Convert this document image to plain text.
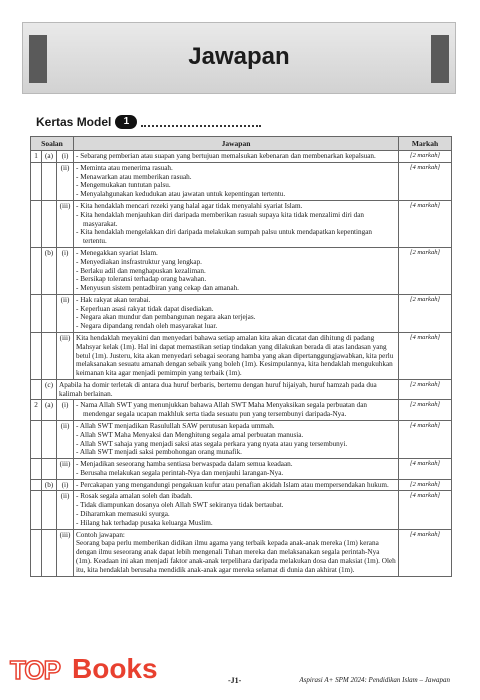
Jawapan
Kertas Model	1
Soalan			Jawapan	Markah
1	(a)	(i)	- Sebarang pemberian atau suapan yang bertujuan memalsukan kebenaran dan membenarkan kepalsuan.	[2 markah]
		(ii)	- Meminta atau menerima rasuah.
- Menawarkan atau memberikan rasuah.
- Mengemukakan tuntutan palsu.
- Menyalahgunakan kedudukan atau jawatan untuk kepentingan tertentu.	[4 markah]
		(iii)	- Kita hendaklah mencari rezeki yang halal agar tidak menyalahi syariat Islam.
- Kita hendaklah menjauhkan diri daripada memberikan rasuah supaya kita tidak menzalimi diri dan masyarakat.
- Kita hendaklah mengelakkan diri daripada melakukan sumpah palsu untuk mendapatkan kepentingan tertentu.	[4 markah]
	(b)	(i)	- Menegakkan syariat Islam.
- Menyediakan insfrastruktur yang lengkap.
- Berlaku adil dan menghapuskan kezaliman.
- Bersikap toleransi terhadap orang bawahan.
- Menyusun sistem pentadbiran yang cekap dan amanah.	[2 markah]
		(ii)	- Hak rakyat akan terabai.
- Keperluan asasi rakyat tidak dapat disediakan.
- Negara akan mundur dan pembangunan negara akan terjejas.
- Negara dipandang rendah oleh masyarakat luar.	[2 markah]
		(iii)	Kita hendaklah meyakini dan menyedari bahawa setiap amalan kita akan dicatat dan dihitung di padang Mahsyar kelak (1m). Hal ini dapat memastikan setiap tindakan yang dilakukan berada di atas landasan yang betul (1m). Justeru, kita akan menyedari sebagai seorang hamba yang akan dipertanggungjawabkan, kita perlu melaksanakan sesuatu amanah dengan sebaik yang boleh (1m). Kesimpulannya, kita hendaklah mengukuhkan keimanan kita agar menjadi pemimpin yang terbaik (1m).	[4 markah]
	(c)	Apabila ha domir terletak di antara dua huruf berbaris, bertemu dengan huruf hijaiyah, huruf hamzah pada dua kalimah berlainan.		[2 markah]
2	(a)	(i)	- Nama Allah SWT yang menunjukkan bahawa Allah SWT Maha Menyaksikan segala perbuatan dan mendengar segala ucapan makhluk serta tiada sesuatu pun yang tersembunyi daripada-Nya.	[2 markah]
		(ii)	- Allah SWT menjadikan Rasulullah SAW perutusan kepada ummah.
- Allah SWT Maha Menyaksi dan Menghitung segala amal perbuatan manusia.
- Allah SWT sahaja yang menjadi saksi atas segala perkara yang nyata atau yang tersembunyi.
- Allah SWT menjadi saksi pembohongan orang munafik.	[4 markah]
		(iii)	- Menjadikan seseorang hamba sentiasa berwaspada dalam semua keadaan.
- Berusaha melakukan segala perintah-Nya dan menjauhi larangan-Nya.	[4 markah]
	(b)	(i)	- Percakapan yang mengandungi pengakuan kufur atau penafian akidah Islam atau mempersendakan hukum.	[2 markah]
		(ii)	- Rosak segala amalan soleh dan ibadah.
- Tidak diampunkan dosanya oleh Allah SWT sekiranya tidak bertaubat.
- Diharamkan memasuki syurga.
- Hilang hak terhadap pusaka keluarga Muslim.	[4 markah]
		(iii)	Contoh jawapan:
Seorang bapa perlu memberikan didikan ilmu agama yang terbaik kepada anak-anak mereka (1m) kerana dengan ilmu seseorang anak dapat lebih mengenali Tuhan mereka dan melaksanakan segala perintah-Nya (1m). Keadaan ini akan menjadi faktor anak-anak terpelihara daripada melakukan dosa dan maksiat (1m). Oleh itu, kita hendaklah berusaha mendidik anak-anak agar mereka selamat di dunia dan akhirat (1m).	[4 markah]
TOP Books	-J1-	Aspirasi A+ SPM 2024: Pendidikan Islam – Jawapan
